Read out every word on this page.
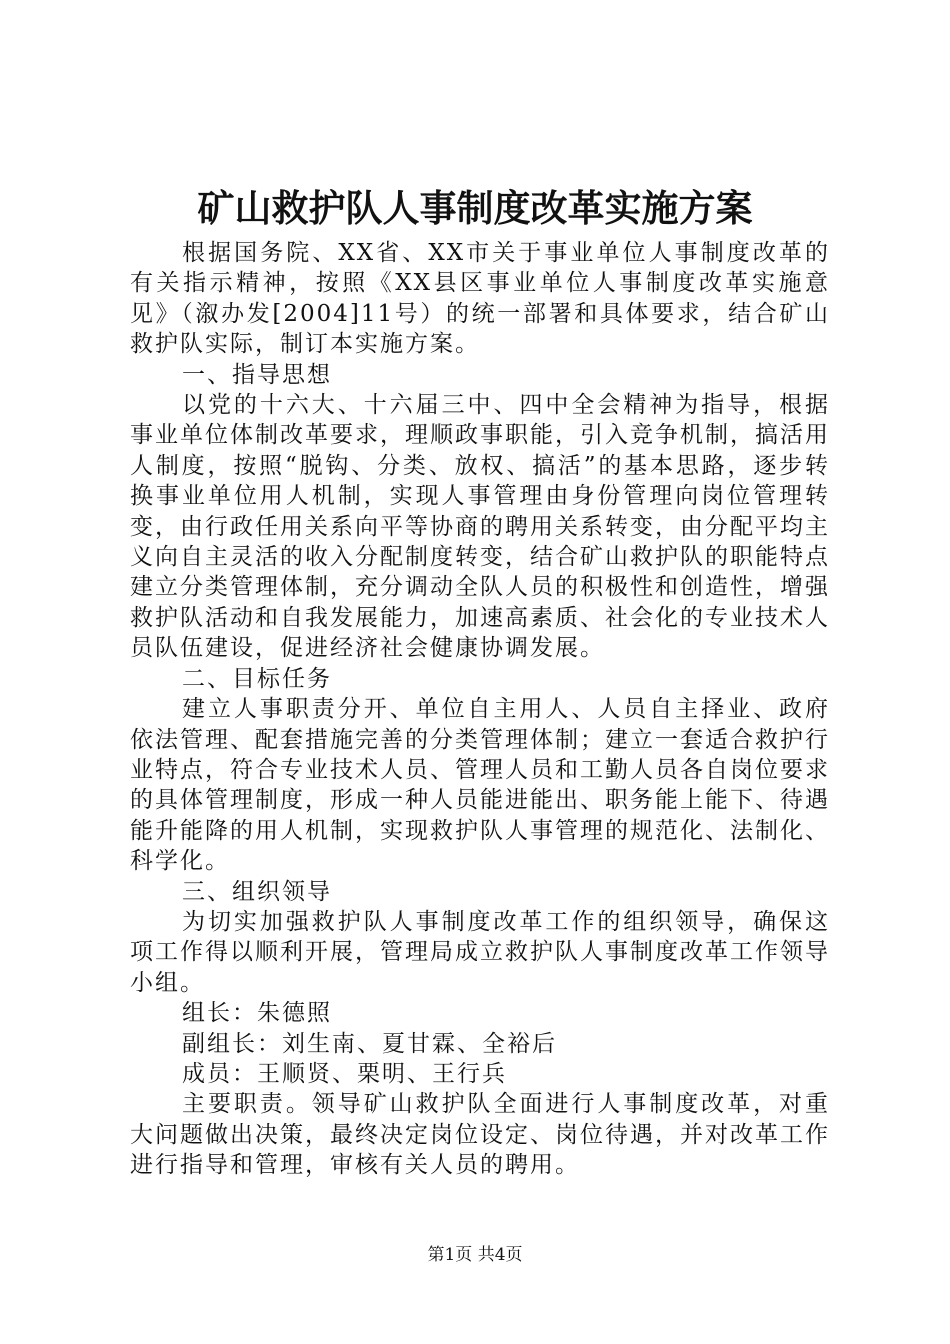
矿山救护队人事制度改革实施方案

根据国务院、XX省、XX市关于事业单位人事制度改革的有关指示精神，按照《XX县区事业单位人事制度改革实施意见》（溆办发[2004]11号）的统一部署和具体要求，结合矿山救护队实际，制订本实施方案。

一、指导思想

以党的十六大、十六届三中、四中全会精神为指导，根据事业单位体制改革要求，理顺政事职能，引入竞争机制，搞活用人制度，按照“脱钩、分类、放权、搞活”的基本思路，逐步转换事业单位用人机制，实现人事管理由身份管理向岗位管理转变，由行政任用关系向平等协商的聘用关系转变，由分配平均主义向自主灵活的收入分配制度转变，结合矿山救护队的职能特点建立分类管理体制，充分调动全队人员的积极性和创造性，增强救护队活动和自我发展能力，加速高素质、社会化的专业技术人员队伍建设，促进经济社会健康协调发展。

二、目标任务

建立人事职责分开、单位自主用人、人员自主择业、政府依法管理、配套措施完善的分类管理体制；建立一套适合救护行业特点，符合专业技术人员、管理人员和工勤人员各自岗位要求的具体管理制度，形成一种人员能进能出、职务能上能下、待遇能升能降的用人机制，实现救护队人事管理的规范化、法制化、科学化。

三、组织领导

为切实加强救护队人事制度改革工作的组织领导，确保这项工作得以顺利开展，管理局成立救护队人事制度改革工作领导小组。

组长：朱德照

副组长：刘生南、夏甘霖、全裕后

成员：王顺贤、栗明、王行兵

主要职责。领导矿山救护队全面进行人事制度改革，对重大问题做出决策，最终决定岗位设定、岗位待遇，并对改革工作进行指导和管理，审核有关人员的聘用。

第1页 共4页
